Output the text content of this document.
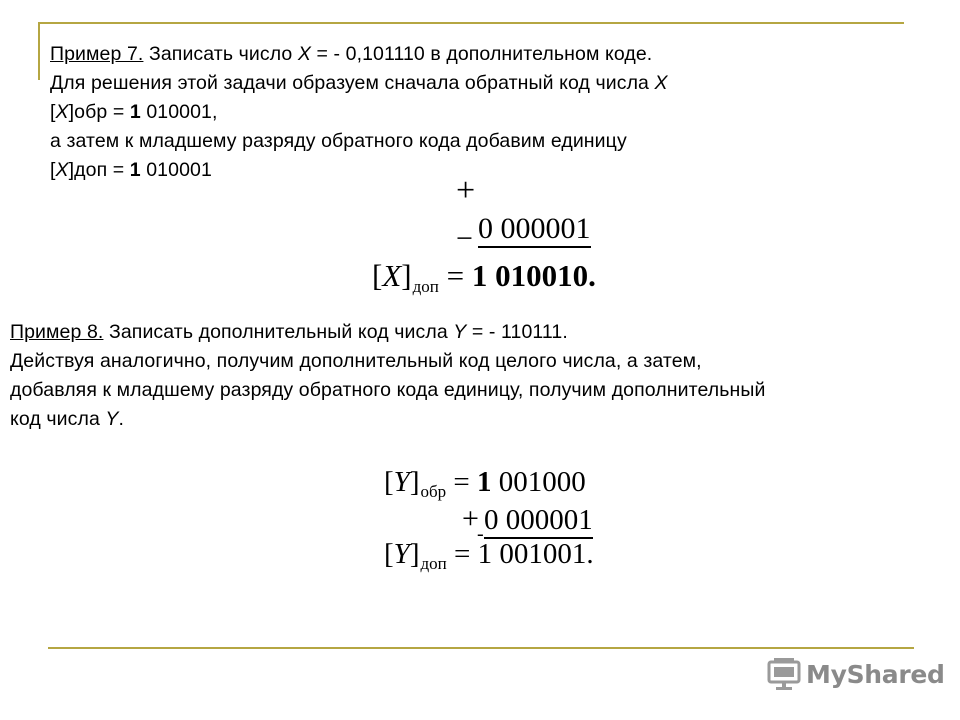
Пример 7. Записать число X = - 0,101110 в дополнительном коде.
Для решения этой задачи образуем сначала обратный код числа X
[X]обр = 1 010001,
а затем к младшему разряду обратного кода добавим единицу
[X]доп = 1 010001
+
− 0 000001
$[X]_{доп} = 1$ 010010.
Пример 8. Записать дополнительный код числа Y = - 110111.
Действуя аналогично, получим дополнительный код целого числа, а затем,
добавляя к младшему разряду обратного кода единицу, получим дополнительный
код числа Y.
$[Y]_{обр} = 1$ 001000
+ 0 000001
-
$[Y]_{доп} = 1$ 001001.
MyShared
